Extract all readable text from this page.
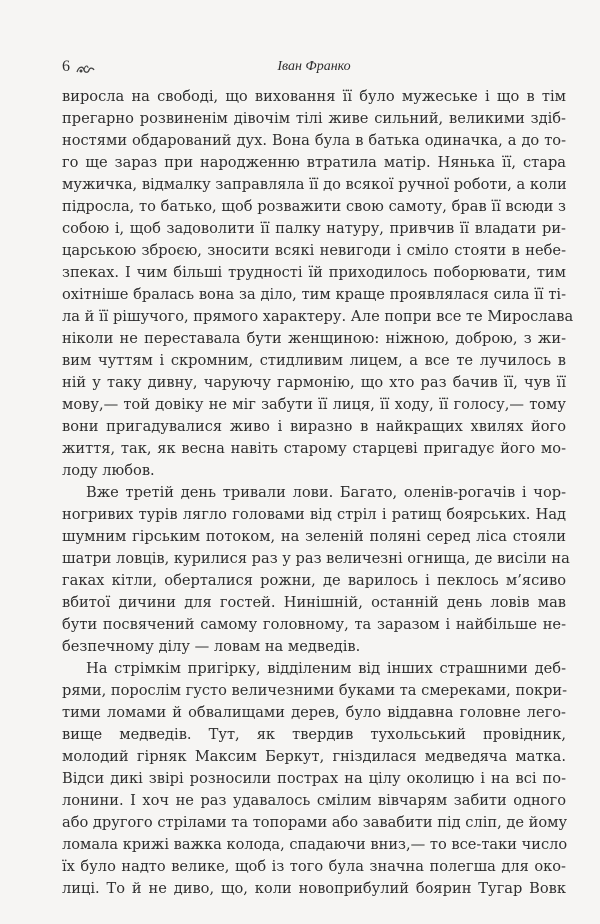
6	Іван Франко
виросла на свободі, що виховання її було мужеське і що в тім
прегарно розвиненім дівочім тілі живе сильний, великими здіб-
ностями обдарований дух. Вона була в батька одиначка, а до то-
го ще зараз при народженню втратила матір. Нянька її, стара
мужичка, відмалку заправляла її до всякої ручної роботи, а коли
підросла, то батько, щоб розважити свою самоту, брав її всюди з
собою і, щоб задоволити її палку натуру, привчив її владати ри-
царською зброєю, зносити всякі невигоди і сміло стояти в небе-
зпеках. І чим більші трудності їй приходилось поборювати, тим
охітніше бралась вона за діло, тим краще проявлялася сила її ті-
ла й її рішучого, прямого характеру. Але попри все те Мирослава
ніколи не переставала бути женщиною: ніжною, доброю, з жи-
вим чуттям і скромним, стидливим лицем, а все те лучилось в
ній у таку дивну, чаруючу гармонію, що хто раз бачив її, чув її
мову,— той довіку не міг забути її лиця, її ходу, її голосу,— тому
вони пригадувалися живо і виразно в найкращих хвилях його
життя, так, як весна навіть старому старцеві пригадує його мо-
лоду любов.
Вже третій день тривали лови. Багато, оленів-рогачів і чор-
ногривих турів лягло головами від стріл і ратищ боярських. Над
шумним гірським потоком, на зеленій поляні серед ліса стояли
шатри ловців, курилися раз у раз величезні огнища, де висіли на
гаках кітли, оберталися рожни, де варилось і пеклось м’ясиво
вбитої дичини для гостей. Нинішній, останній день ловів мав
бути посвячений самому головному, та заразом і найбільше не-
безпечному ділу — ловам на медведів.
На стрімкім пригірку, відділеним від інших страшними деб-
рями, порослім густо величезними буками та смереками, покри-
тими ломами й обвалищами дерев, було віддавна головне лего-
вище медведів. Тут, як твердив тухольський провідник,
молодий гірняк Максим Беркут, гніздилася медведяча матка.
Відси дикі звірі розносили пострах на цілу околицю і на всі по-
лонини. І хоч не раз удавалось смілим вівчарям забити одного
або другого стрілами та топорами або завабити під сліп, де йому
ломала крижі важка колода, спадаючи вниз,— то все-таки число
їх було надто велике, щоб із того була значна полегша для око-
лиці. То й не диво, що, коли новоприбулий боярин Тугар Вовк
